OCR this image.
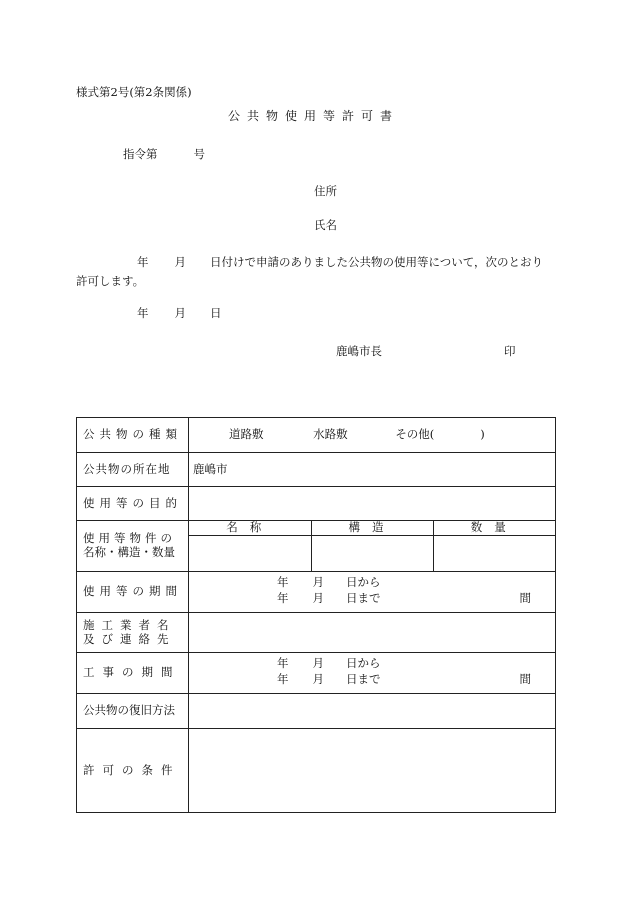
様式第2号(第2条関係)
公共物使用等許可書
指令第	号
住所
氏名
年 月 日付けで申請のありました公共物の使用等について，次のとおり
許可します。
年 月 日
鹿嶋市長	印
公共物の種類	道路敷	水路敷	その他(　　　　)
公共物の所在地	鹿嶋市
使用等の目的	

使用等物件の
名称・構造・数量

名称	構造	数量

使用等の期間	
年 月 日から
年 月 日まで	間

施工業者名
及び連絡先

工事の期間	
年 月 日から
年 月 日まで	間

公共物の復旧方法	
許可の条件	
